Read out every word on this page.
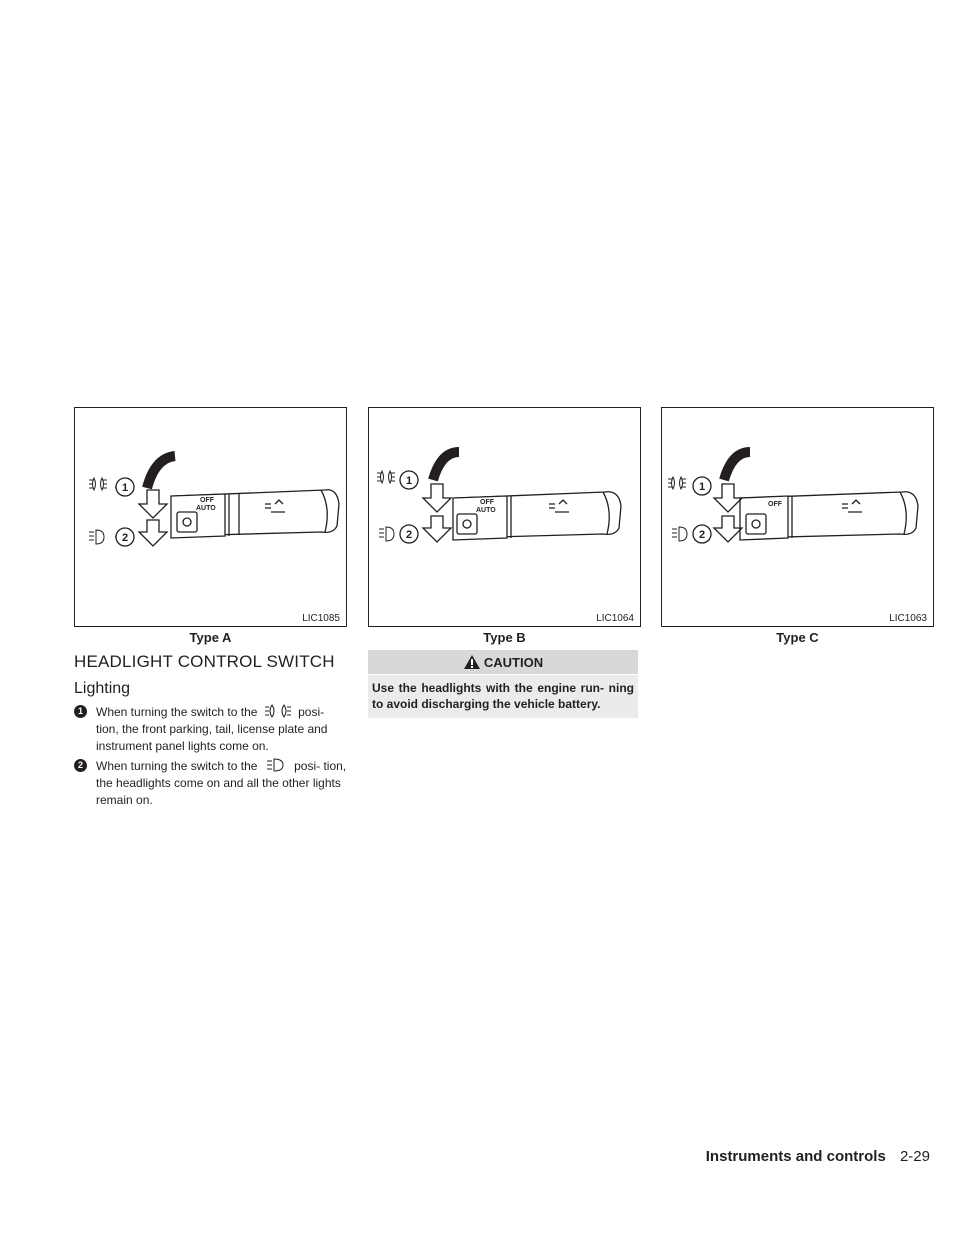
OFF
AUTO
1
2
LIC1085
Type A
OFF
AUTO
1
2
LIC1064
Type B
OFF
1
2
LIC1063
Type C
HEADLIGHT CONTROL SWITCH
Lighting
1	When turning the switch to the	posi- tion, the front parking, tail, license plate and instrument panel lights come on.
2	When turning the switch to the	posi- tion, the headlights come on and all the other lights remain on.
CAUTION
Use the headlights with the engine run- ning to avoid discharging the vehicle battery.
Instruments and controls 2-29
